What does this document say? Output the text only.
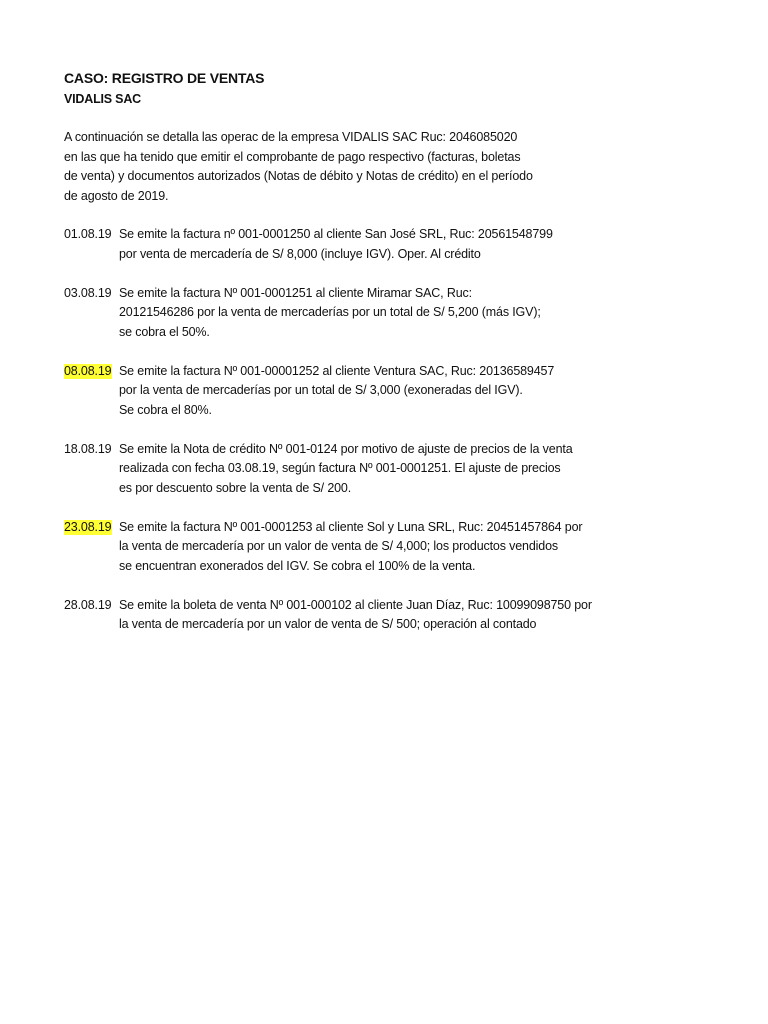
CASO: REGISTRO DE VENTAS
VIDALIS SAC
A continuación se detalla las operac de la empresa VIDALIS SAC Ruc: 2046085020
en las que ha tenido que emitir el comprobante de pago respectivo (facturas, boletas
de venta) y documentos autorizados (Notas de débito y Notas de crédito) en el período
de agosto de 2019.
01.08.19 Se emite la factura nº 001-0001250 al cliente San José SRL, Ruc: 20561548799
por venta de mercadería de S/ 8,000 (incluye IGV). Oper. Al crédito
03.08.19 Se emite la factura Nº 001-0001251 al cliente Miramar SAC, Ruc:
20121546286 por la venta de mercaderías por un total de S/ 5,200 (más IGV);
se cobra el 50%.
08.08.19 Se emite la factura Nº 001-00001252 al cliente Ventura SAC, Ruc: 20136589457
por la venta de mercaderías por un total de S/ 3,000 (exoneradas del IGV).
Se cobra el 80%.
18.08.19 Se emite la Nota de crédito Nº 001-0124 por motivo de ajuste de precios de la venta
realizada con fecha 03.08.19, según factura Nº 001-0001251. El ajuste de precios
es por descuento sobre la venta de S/ 200.
23.08.19 Se emite la factura Nº 001-0001253 al cliente Sol y Luna SRL, Ruc: 20451457864 por
la venta de mercadería por un valor de venta de S/ 4,000; los productos vendidos
se encuentran exonerados del IGV. Se cobra el 100% de la venta.
28.08.19 Se emite la boleta de venta Nº 001-000102 al cliente Juan Díaz, Ruc: 10099098750 por
la venta de mercadería por un valor de venta de S/ 500; operación al contado
